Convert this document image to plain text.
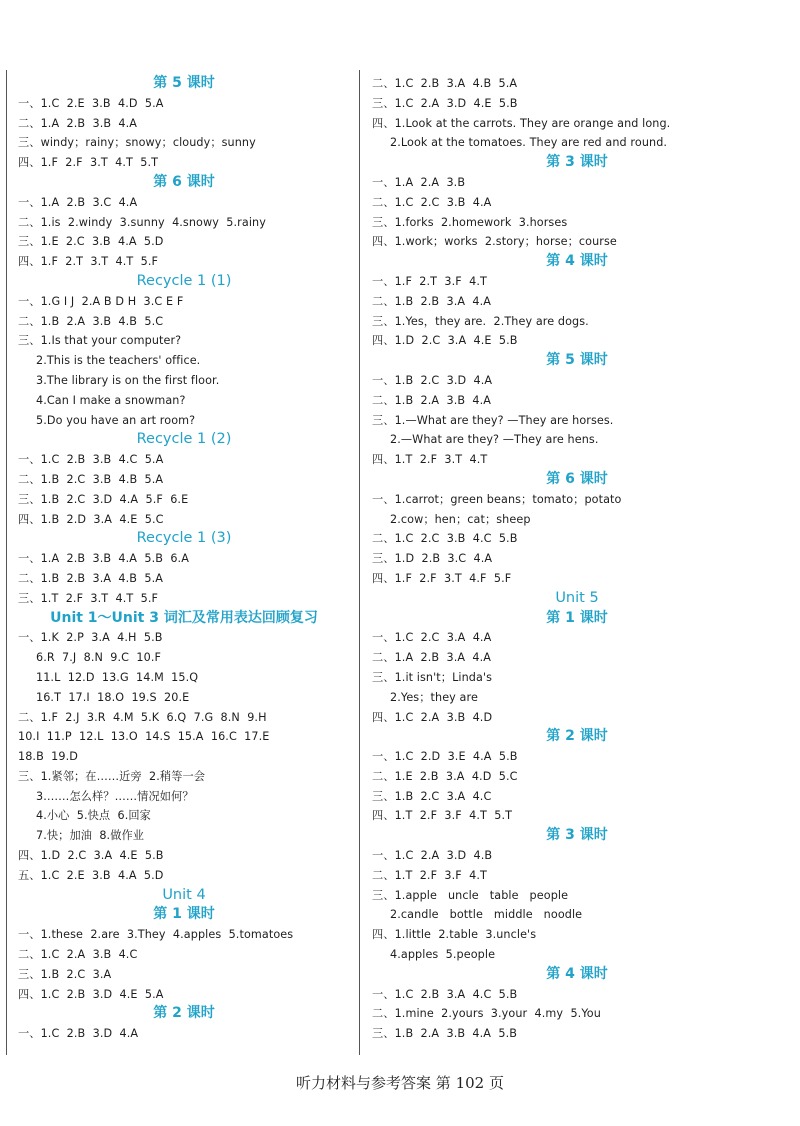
第 5 课时
一、1.C  2.E  3.B  4.D  5.A
二、1.A  2.B  3.B  4.A
三、windy；rainy；snowy；cloudy；sunny
四、1.F  2.F  3.T  4.T  5.T
第 6 课时
一、1.A  2.B  3.C  4.A
二、1.is  2.windy  3.sunny  4.snowy  5.rainy
三、1.E  2.C  3.B  4.A  5.D
四、1.F  2.T  3.T  4.T  5.F
Recycle 1 (1)
一、1.G I J  2.A B D H  3.C E F
二、1.B  2.A  3.B  4.B  5.C
三、1.Is that your computer?
2.This is the teachers' office.
3.The library is on the first floor.
4.Can I make a snowman?
5.Do you have an art room?
Recycle 1 (2)
一、1.C  2.B  3.B  4.C  5.A
二、1.B  2.C  3.B  4.B  5.A
三、1.B  2.C  3.D  4.A  5.F  6.E
四、1.B  2.D  3.A  4.E  5.C
Recycle 1 (3)
一、1.A  2.B  3.B  4.A  5.B  6.A
二、1.B  2.B  3.A  4.B  5.A
三、1.T  2.F  3.T  4.T  5.F
Unit 1～Unit 3 词汇及常用表达回顾复习
一、1.K  2.P  3.A  4.H  5.B
6.R  7.J  8.N  9.C  10.F
11.L  12.D  13.G  14.M  15.Q
16.T  17.I  18.O  19.S  20.E
二、1.F  2.J  3.R  4.M  5.K  6.Q  7.G  8.N  9.H
10.I  11.P  12.L  13.O  14.S  15.A  16.C  17.E
18.B  19.D
三、1.紧邻；在……近旁  2.稍等一会
3.……怎么样？……情况如何？
4.小心  5.快点  6.回家
7.快；加油  8.做作业
四、1.D  2.C  3.A  4.E  5.B
五、1.C  2.E  3.B  4.A  5.D
Unit 4
第 1 课时
一、1.these  2.are  3.They  4.apples  5.tomatoes
二、1.C  2.A  3.B  4.C
三、1.B  2.C  3.A
四、1.C  2.B  3.D  4.E  5.A
第 2 课时
一、1.C  2.B  3.D  4.A
二、1.C  2.B  3.A  4.B  5.A
三、1.C  2.A  3.D  4.E  5.B
四、1.Look at the carrots. They are orange and long.
2.Look at the tomatoes. They are red and round.
第 3 课时
一、1.A  2.A  3.B
二、1.C  2.C  3.B  4.A
三、1.forks  2.homework  3.horses
四、1.work；works  2.story；horse；course
第 4 课时
一、1.F  2.T  3.F  4.T
二、1.B  2.B  3.A  4.A
三、1.Yes，they are.  2.They are dogs.
四、1.D  2.C  3.A  4.E  5.B
第 5 课时
一、1.B  2.C  3.D  4.A
二、1.B  2.A  3.B  4.A
三、1.—What are they? —They are horses.
2.—What are they? —They are hens.
四、1.T  2.F  3.T  4.T
第 6 课时
一、1.carrot；green beans；tomato；potato
2.cow；hen；cat；sheep
二、1.C  2.C  3.B  4.C  5.B
三、1.D  2.B  3.C  4.A
四、1.F  2.F  3.T  4.F  5.F
Unit 5
第 1 课时
一、1.C  2.C  3.A  4.A
二、1.A  2.B  3.A  4.A
三、1.it isn't；Linda's
2.Yes；they are
四、1.C  2.A  3.B  4.D
第 2 课时
一、1.C  2.D  3.E  4.A  5.B
二、1.E  2.B  3.A  4.D  5.C
三、1.B  2.C  3.A  4.C
四、1.T  2.F  3.F  4.T  5.T
第 3 课时
一、1.C  2.A  3.D  4.B
二、1.T  2.F  3.F  4.T
三、1.apple   uncle   table   people
2.candle   bottle   middle   noodle
四、1.little  2.table  3.uncle's
4.apples  5.people
第 4 课时
一、1.C  2.B  3.A  4.C  5.B
二、1.mine  2.yours  3.your  4.my  5.You
三、1.B  2.A  3.B  4.A  5.B
听力材料与参考答案 第 102 页
